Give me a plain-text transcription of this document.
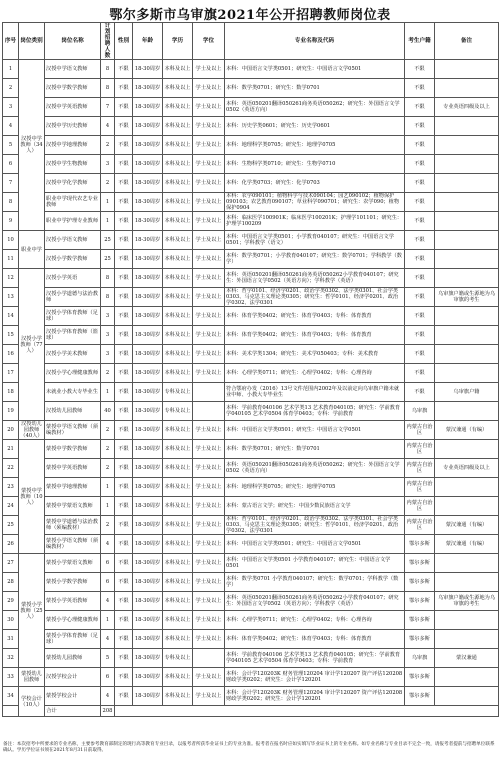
鄂尔多斯市乌审旗2021年公开招聘教师岗位表
序号	岗位类别	岗位名称	计划招聘人数	性别	年龄	学历	学位	专业名称及代码	考生户籍	备注
1	汉授中学教师（34人）	汉授中学语文教师	8	不限	18-30周岁	本科及以上	学士及以上	本科：中国语言文学类0501；研究生：中国语言文学0501	不限	
2		汉授中学数学教师	8	不限	18-30周岁	本科及以上	学士及以上	本科：数学类0701；研究生：数学0701	不限	
3		汉授中学英语教师	7	不限	18-30周岁	本科及以上	学士及以上	本科：英语050201翻译050261商务英语050262；研究生：外国语言文学0502（英语方向）	不限	专业英语四级及以上
4		汉授中学历史教师	4	不限	18-30周岁	本科及以上	学士及以上	本科：历史学类0601；研究生：历史学0601	不限	
5		汉授中学地理教师	2	不限	18-30周岁	本科及以上	学士及以上	本科：地理科学类0705；研究生：地理学0705	不限	
6		汉授中学生物教师	3	不限	18-30周岁	本科及以上	学士及以上	本科：生物科学类0710；研究生：生物学0710	不限	
7		汉授中学化学教师	2	不限	18-30周岁	本科及以上	学士及以上	本科：化学类0703；研究生：化学0703	不限	
8		职业中学现代农艺专业教师	1	不限	18-30周岁	本科及以上	学士及以上	本科：农学090101；植物科学与技术090104；园艺090102；植物保护090103；农艺教育090107；草业科学090701；研究生：农学090；植物保护0904	不限	
9		职业中学护理专业教师	1	不限	18-30周岁	本科及以上	学士及以上	本科：临床医学100901K；临床医学100201K；护理学101101；研究生：护理学100209	不限	
10	职业中学	汉授小学语文教师	25	不限	18-30周岁	本科及以上	学士及以上	本科：中国语言文学类0501；小学教育040107；研究生：中国语言文学0501；学科教学（语文）	不限	
11		汉授小学数学教师	25	不限	18-30周岁	本科及以上	学士及以上	本科：数学类0701；小学教育040107；研究生：数学0701；学科教学（数学）	不限	
12	汉授小学教师（77人）	汉授小学英语	8	不限	18-30周岁	本科及以上	学士及以上	本科：英语050201翻译050261商务英语050262小学教育040107；研究生：外国语言文学0502（英语方向）；学科教学（英语）	不限	
13		汉授小学道德与法治教师	8	不限	18-30周岁	本科及以上	学士及以上	本科：哲学0101、经济学0201、政治学类0302、法学类0301、社会学类0303、马克思主义理论类0305；研究生：哲学0101、经济学0201、政治学0302、法学0301	不限	乌审旗户籍或生源地为乌审旗的考生
14		汉授小学体育教师（足球）	3	不限	18-30周岁	本科及以上	学士及以上	本科：体育学类0402；研究生：体育学0403；专科：体育教育	不限	
15		汉授小学体育教师（篮球）	3	不限	18-30周岁	本科及以上	学士及以上	本科：体育学类0402；研究生：体育学0403；专科：体育教育	不限	
16		汉授小学美术教师	3	不限	18-30周岁	本科及以上	学士及以上	本科：美术学类1304；研究生：美术学050403；专科：美术教育	不限	
17		汉授小学心理健康教师	2	不限	18-30周岁	本科及以上	学士及以上	本科：心理学类0711；研究生：心理学0402；专科：心理咨询	不限	
18		未就业小教大专毕业生	1	不限	18-30周岁	专科及以上		符合鄂府办发（2016）13号文件范围内2002年及以前定向乌审旗户籍未就业中师、小教大专毕业生	不限	乌审旗户籍
19		汉授幼儿园教师	40	不限	18-30周岁	专科及以上		本科：学前教育040106 艺术学类13 艺术教育040105；研究生：学前教育学040105 艺术学0504 体育学0403；专科：学前教育	乌审旗	
20	汉授幼儿园教师（40人）	蒙授中学语文教师（须编教材）	2	不限	18-30周岁	本科及以上	学士及以上	本科：中国语言文学类0501；研究生：中国语言文学0501	内蒙古自治区	蒙汉兼通（有编）
21	蒙授中学教师（10人）	蒙授中学数学教师	2	不限	18-30周岁	本科及以上	学士及以上	本科：数学类0701；研究生：数学0701	内蒙古自治区	
22		蒙授中学英语教师	2	不限	18-30周岁	本科及以上	学士及以上	本科：英语050201翻译050261商务英语050262；研究生：外国语言文学0502（英语方向）	内蒙古自治区	专业英语四级及以上
23		蒙授中学地理教师	1	不限	18-30周岁	本科及以上	学士及以上	本科：地理科学类0705；研究生：地理学0705	内蒙古自治区	
24		蒙授中学蒙语文教师	1	不限	18-30周岁	本科及以上	学士及以上	本科：蒙古语言文学；研究生：中国少数民族语言文学	内蒙古自治区	
25		蒙授中学道德与法治教师（须编教材）	2	不限	18-30周岁	本科及以上	学士及以上	本科：哲学0101、经济学0201、政治学类0302、法学类0301、社会学类0303、马克思主义理论类0305；研究生：哲学0101、经济学0201、政治学0302、法学0301	内蒙古自治区	蒙汉兼通（有编）
26		蒙授小学语文教师（须编教材）	4	不限	18-30周岁	本科及以上	学士及以上	本科：中国语言文学类0501；研究生：中国语言文学0501	鄂尔多斯	蒙汉兼通（有编）
27	蒙授小学教师（25人）	蒙授小学蒙语文教师	6	不限	18-30周岁	本科及以上	学士及以上	本科：中国语言文学类0501 小学教育040107；研究生：中国语言文学0501	鄂尔多斯	
28		蒙授小学数学教师	6	不限	18-30周岁	本科及以上	学士及以上	本科：数学类0701 小学教育040107；研究生：数学0701；学科教学（数学）	鄂尔多斯	
29		蒙授小学英语教师	4	不限	18-30周岁	本科及以上	学士及以上	本科：英语050201翻译050261商务英语050262小学教育040107；研究生：外国语言文学0502（英语方向）；学科教学（英语）	鄂尔多斯	乌审旗户籍或生源地为乌审旗的考生
30		蒙授小学心理健康教师	1	不限	18-30周岁	本科及以上	学士及以上	本科：心理学类0711；研究生：心理学0402；专科：心理咨询	鄂尔多斯	
31		蒙授小学体育教师（足球）	4	不限	18-30周岁	本科及以上	学士及以上	本科：体育学类0402；研究生：体育学0403；专科：体育教育	鄂尔多斯	
32		蒙授幼儿园教师	5	不限	18-30周岁	专科及以上		本科：学前教育040106 艺术学类13 艺术教育040105；研究生：学前教育学040105 艺术学0504 体育学0403；专科：学前教育	乌审旗	蒙汉兼通
33	蒙授幼儿园教师	汉授学校会计	6	不限	18-30周岁	本科及以上	学士及以上	本科：会计学120203K 财务管理120204 审计学120207 资产评估120208 财政学类0202；研究生：会计学120201	鄂尔多斯	
34	学校会计（10人）	蒙授学校会计	4	不限	18-30周岁	本科及以上	学士及以上	本科：会计学120203K 财务管理120204 审计学120207 资产评估120208 财政学类0202；研究生：会计学120201	鄂尔多斯	
合计			208							
备注：本次招考中所要求的专业名称，主要参考教育部制定的现行高等教育专业目录，以报考者所获毕业证书上的专业为准。报考者在报名时应如实填写毕业证书上的专业名称。如专业名称与专业目录不完全一致，请报考者提前与招聘单位联系确认。学历学位证书须在2021年8月31日前取得。
